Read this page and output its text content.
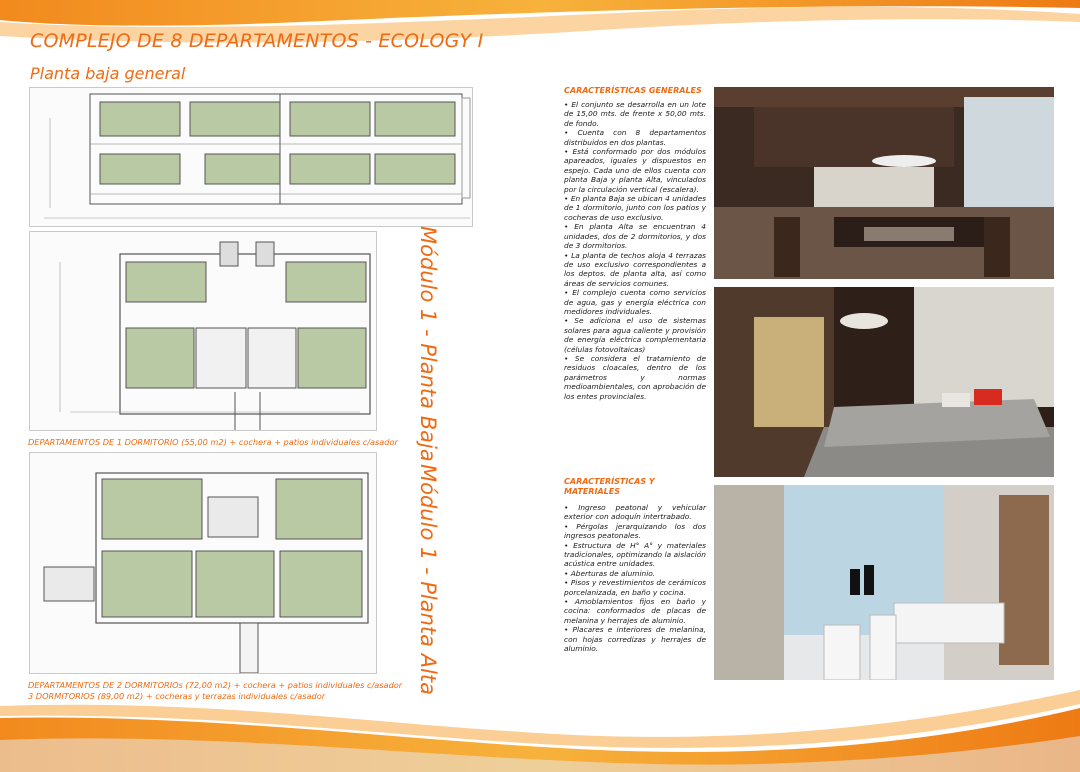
COMPLEJO DE 8 DEPARTAMENTOS - ECOLOGY I
Planta baja general

Módulo 1 - Planta Baja

DEPARTAMENTOS DE 1 DORMITORIO (55,00 m2) + cochera + patios individuales c/asador

Módulo 1 - Planta Alta

DEPARTAMENTOS DE 2 DORMITORIOs (72,00 m2) + cochera + patios individuales c/asador

3 DORMITORIOS (89,00 m2) + cocheras y terrazas individuales c/asador

CARACTERÍSTICAS GENERALES
• El conjunto se desarrolla en un lote de 15,00 mts. de frente x 50,00 mts. de fondo.
• Cuenta con 8 departamentos distribuidos en dos plantas.
• Está conformado por dos módulos apareados, iguales y dispuestos en espejo. Cada uno de ellos cuenta con planta Baja y planta Alta, vinculados por la circulación vertical (escalera).
• En planta Baja se ubican 4 unidades de 1 dormitorio, junto con los patios y cocheras de uso exclusivo.
• En planta Alta se encuentran 4 unidades, dos de 2 dormitorios, y dos de 3 dormitorios.
• La planta de techos aloja 4 terrazas de uso exclusivo correspondientes a los deptos. de planta alta, así como áreas de servicios comunes.
• El complejo cuenta como servicios de agua, gas y energía eléctrica con medidores individuales.
• Se adiciona el uso de sistemas solares para agua caliente y provisión de energía eléctrica complementaria (células fotovoltaicas)
• Se considera el tratamiento de residuos cloacales, dentro de los parámetros y normas medioambientales, con aprobación de los entes provinciales.
CARACTERÍSTICAS Y MATERIALES
• Ingreso peatonal y vehicular exterior con adoquín intertrabado.
• Pérgolas jerarquizando los dos ingresos peatonales.
• Estructura de H° A° y materiales tradicionales, optimizando la aislación acústica entre unidades.
• Aberturas de aluminio.
• Pisos y revestimientos de cerámicos porcelanizada, en baño y cocina.
• Amoblamientos fijos en baño y cocina: conformados de placas de melanina y herrajes de aluminio.
• Placares e interiores de melanina, con hojas corredizas y herrajes de aluminio.
